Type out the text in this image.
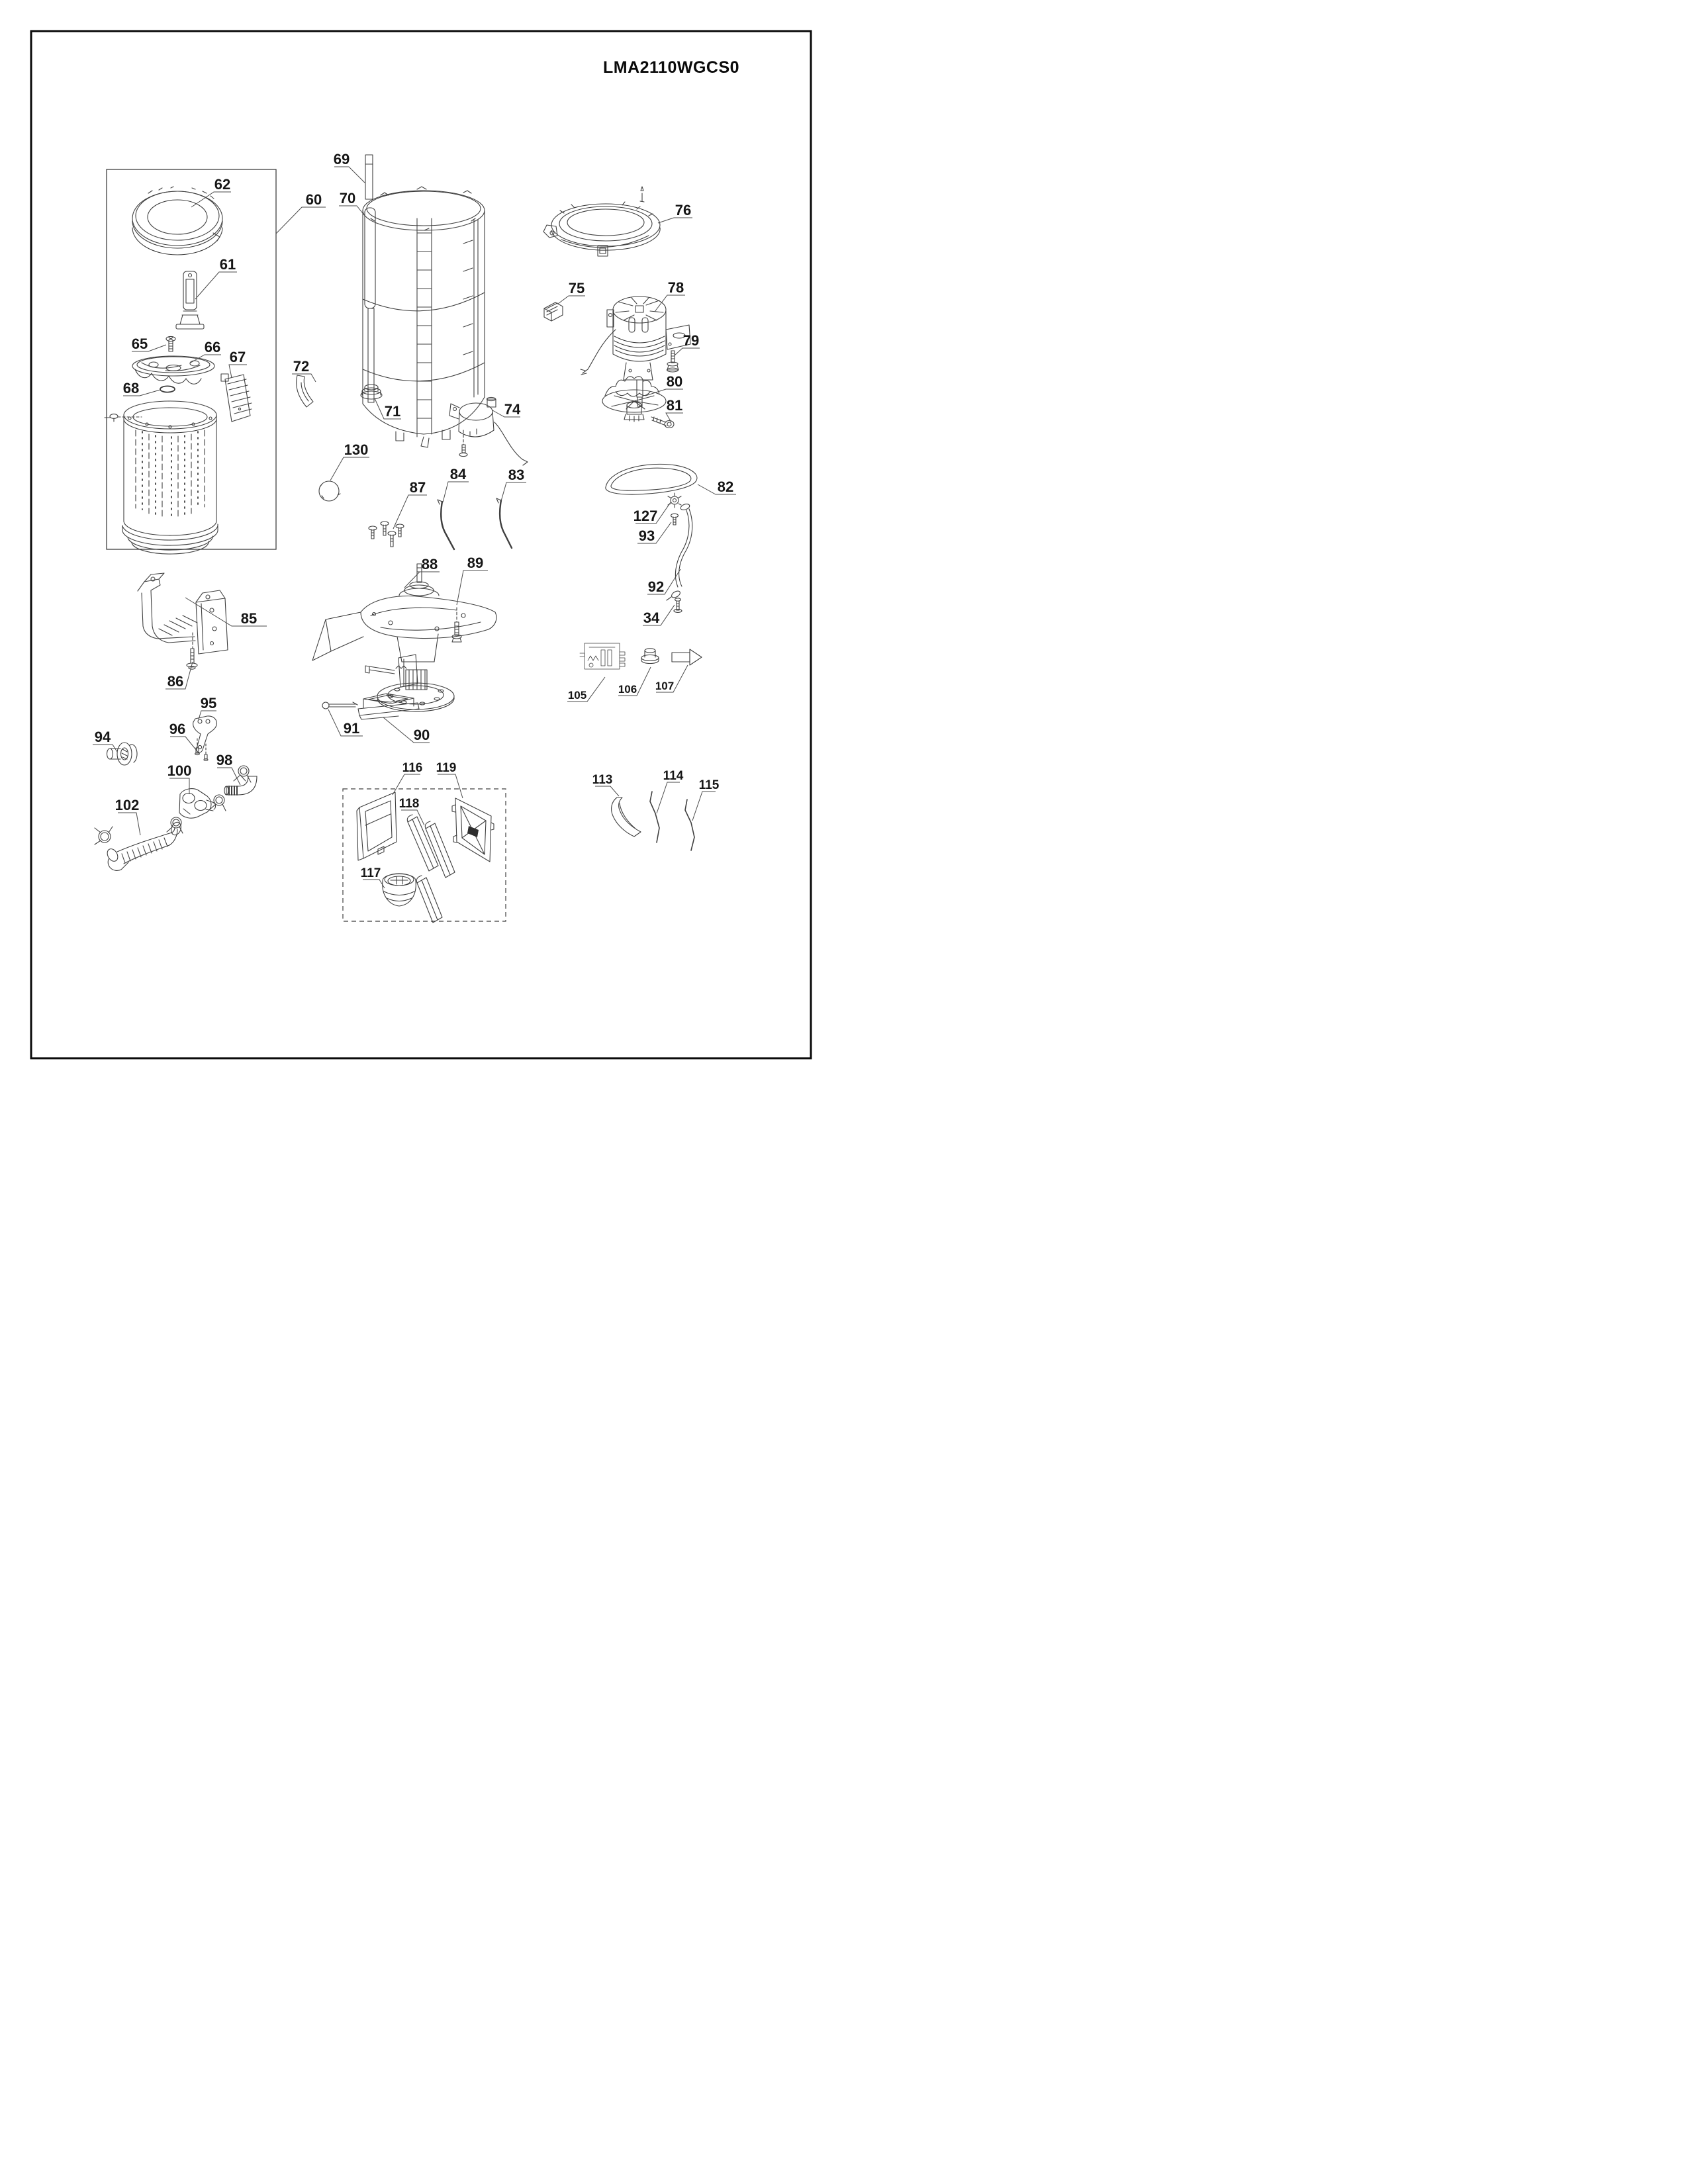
LMA2110WGCS0
60
62
61
69
70
76
75	78
79
65	66
67
68
72
71
130
87
84	83
74
80
81
82
127
93
92
34
88 89
85
86
105	106 107
91	90
94
95
96
98
100
102
116 119
118
117
113	114
115
